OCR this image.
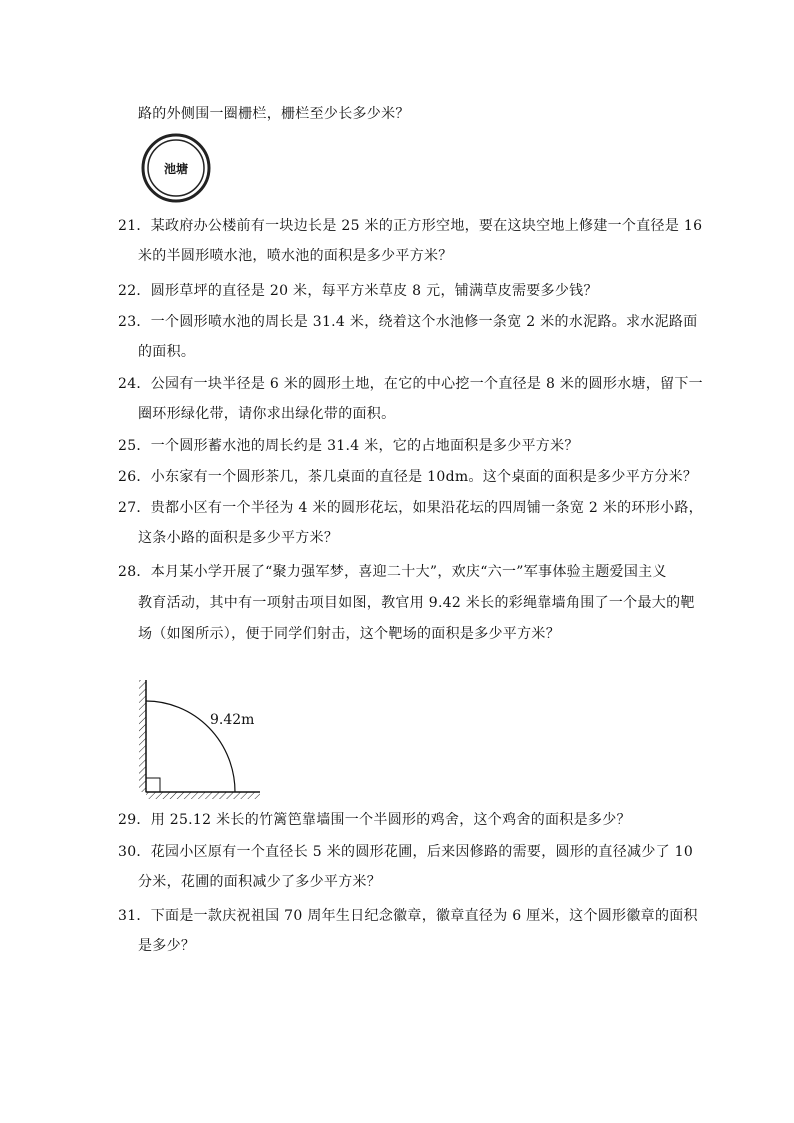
路的外侧围一圈栅栏，栅栏至少长多少米？
池塘
21．某政府办公楼前有一块边长是 25 米的正方形空地，要在这块空地上修建一个直径是 16
米的半圆形喷水池，喷水池的面积是多少平方米？
22．圆形草坪的直径是 20 米，每平方米草皮 8 元，铺满草皮需要多少钱？
23．一个圆形喷水池的周长是 31.4 米，绕着这个水池修一条宽 2 米的水泥路。求水泥路面
的面积。
24．公园有一块半径是 6 米的圆形土地，在它的中心挖一个直径是 8 米的圆形水塘，留下一
圈环形绿化带，请你求出绿化带的面积。
25．一个圆形蓄水池的周长约是 31.4 米，它的占地面积是多少平方米？
26．小东家有一个圆形茶几，茶几桌面的直径是 10dm。这个桌面的面积是多少平方分米？
27．贵都小区有一个半径为 4 米的圆形花坛，如果沿花坛的四周铺一条宽 2 米的环形小路，
这条小路的面积是多少平方米？
28．本月某小学开展了“聚力强军梦，喜迎二十大”，欢庆“六一”军事体验主题爱国主义
教育活动，其中有一项射击项目如图，教官用 9.42 米长的彩绳靠墙角围了一个最大的靶
场（如图所示），便于同学们射击，这个靶场的面积是多少平方米？
9.42m
29．用 25.12 米长的竹篱笆靠墙围一个半圆形的鸡舍，这个鸡舍的面积是多少？
30．花园小区原有一个直径长 5 米的圆形花圃，后来因修路的需要，圆形的直径减少了 10
分米，花圃的面积减少了多少平方米？
31．下面是一款庆祝祖国 70 周年生日纪念徽章，徽章直径为 6 厘米，这个圆形徽章的面积
是多少？
